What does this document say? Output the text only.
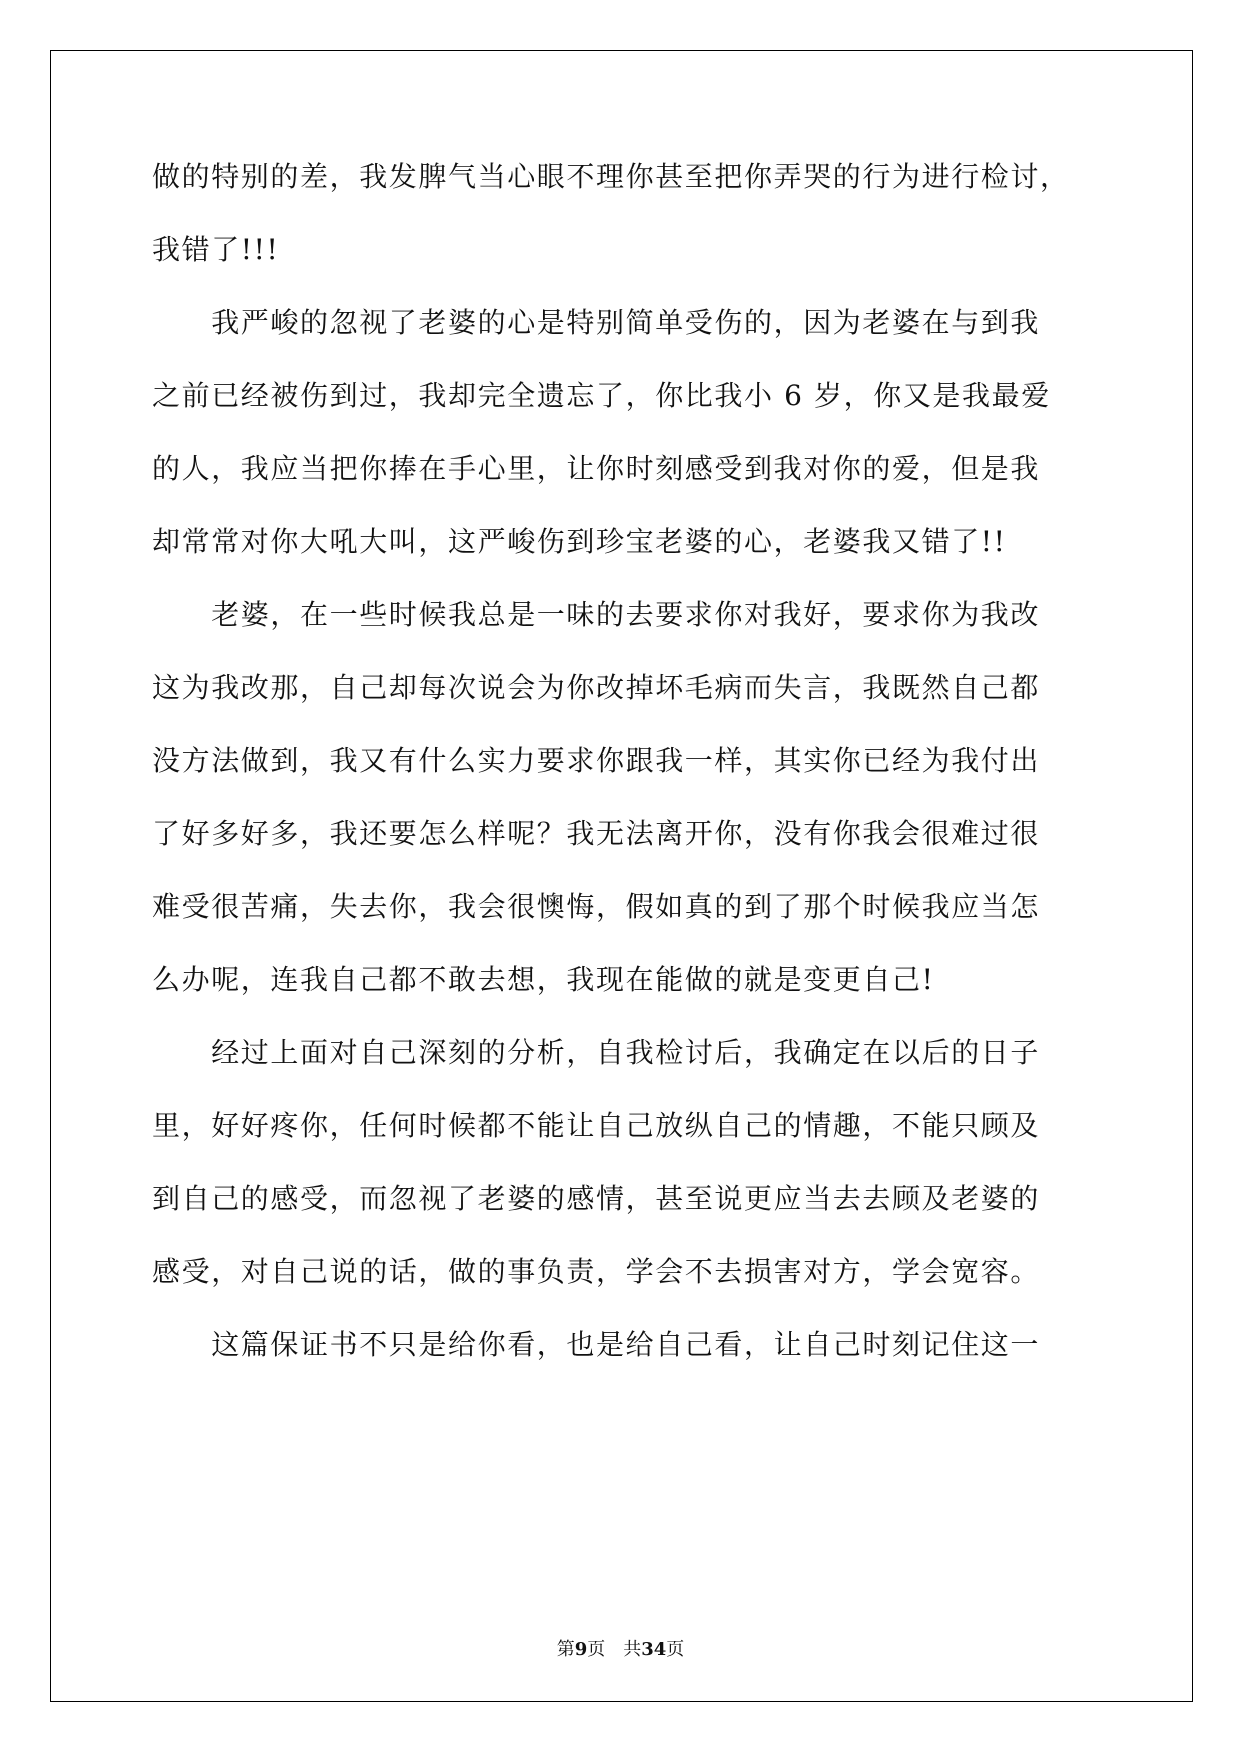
做的特别的差，我发脾气当心眼不理你甚至把你弄哭的行为进行检讨，
我错了!!!
　　我严峻的忽视了老婆的心是特别简单受伤的，因为老婆在与到我
之前已经被伤到过，我却完全遗忘了，你比我小 6 岁，你又是我最爱
的人，我应当把你捧在手心里，让你时刻感受到我对你的爱，但是我
却常常对你大吼大叫，这严峻伤到珍宝老婆的心，老婆我又错了!!
　　老婆，在一些时候我总是一味的去要求你对我好，要求你为我改
这为我改那，自己却每次说会为你改掉坏毛病而失言，我既然自己都
没方法做到，我又有什么实力要求你跟我一样，其实你已经为我付出
了好多好多，我还要怎么样呢？我无法离开你，没有你我会很难过很
难受很苦痛，失去你，我会很懊悔，假如真的到了那个时候我应当怎
么办呢，连我自己都不敢去想，我现在能做的就是变更自己!
　　经过上面对自己深刻的分析，自我检讨后，我确定在以后的日子
里，好好疼你，任何时候都不能让自己放纵自己的情趣，不能只顾及
到自己的感受，而忽视了老婆的感情，甚至说更应当去去顾及老婆的
感受，对自己说的话，做的事负责，学会不去损害对方，学会宽容。
　　这篇保证书不只是给你看，也是给自己看，让自己时刻记住这一
第9页 共34页
